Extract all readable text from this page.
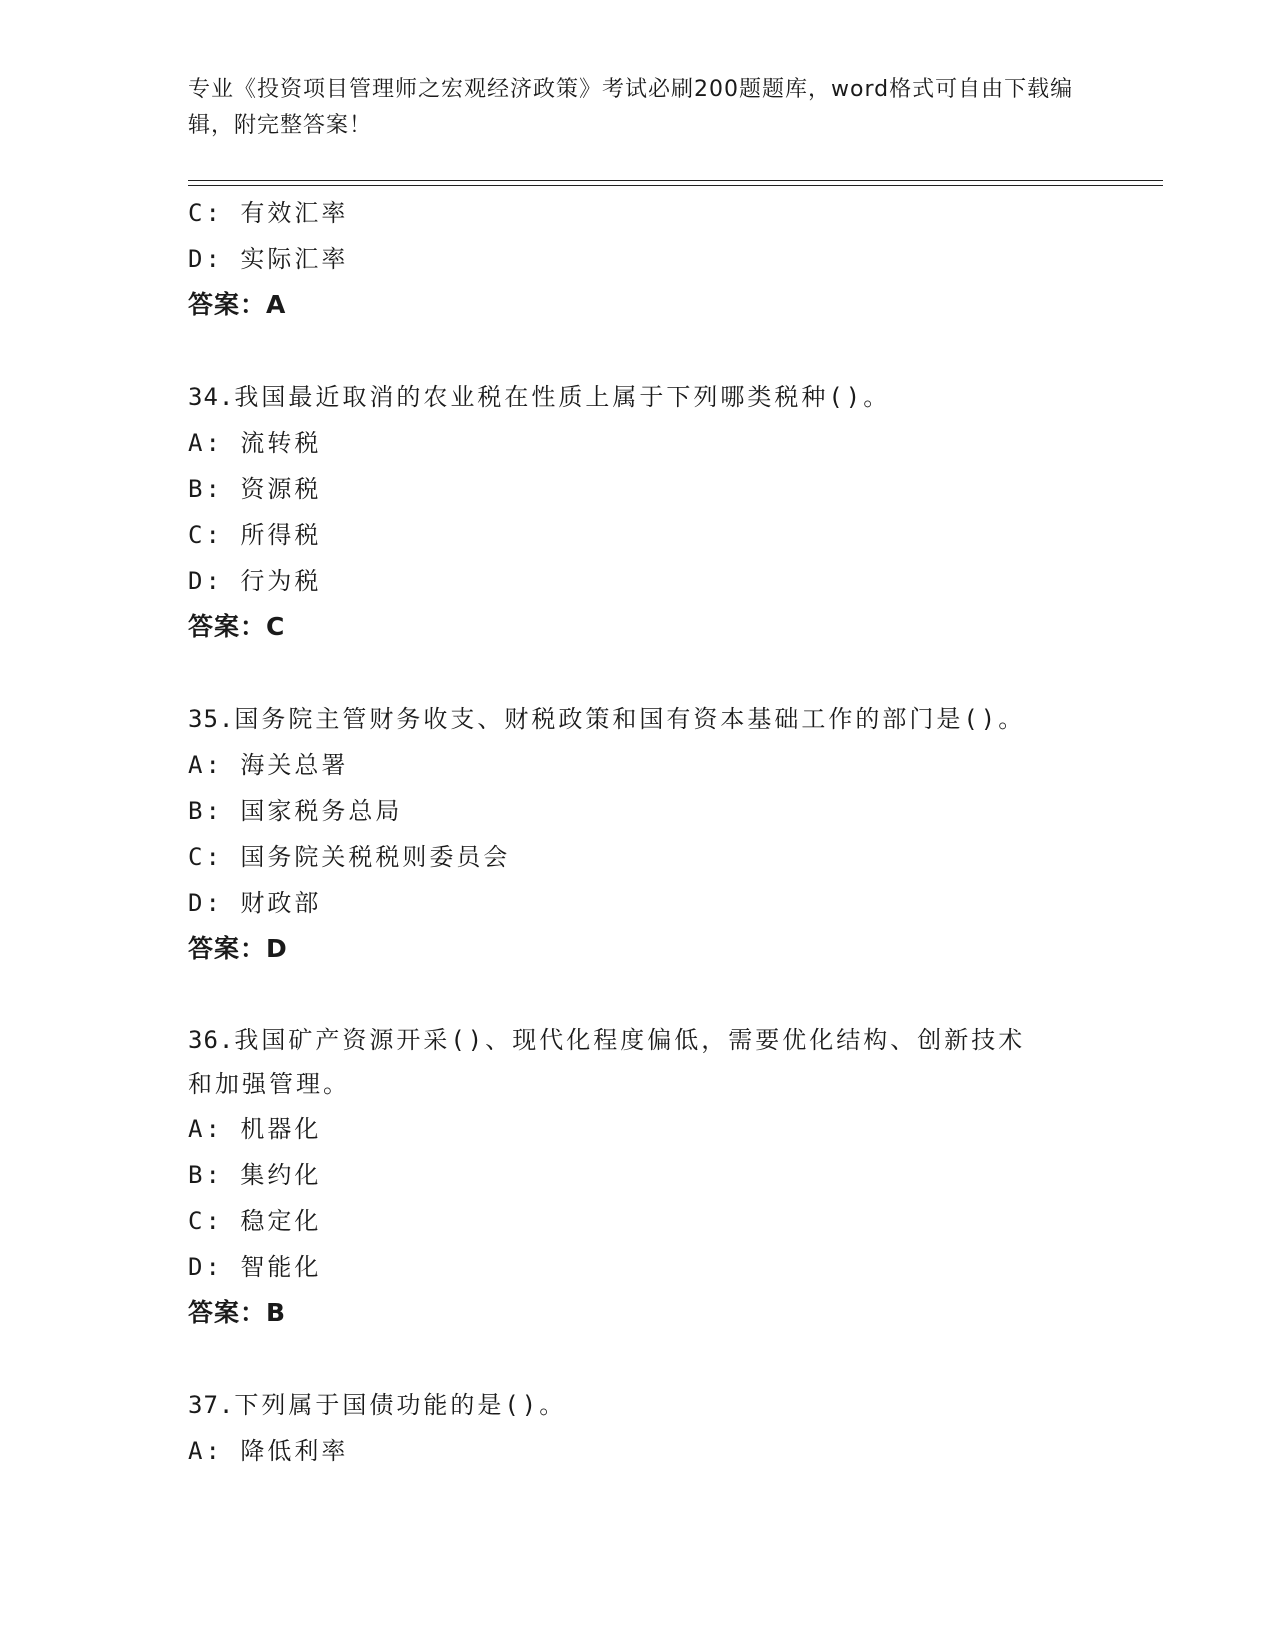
专业《投资项目管理师之宏观经济政策》考试必刷200题题库，word格式可自由下载编辑，附完整答案！
C: 有效汇率
D: 实际汇率
答案：A
34.我国最近取消的农业税在性质上属于下列哪类税种()。
A: 流转税
B: 资源税
C: 所得税
D: 行为税
答案：C
35.国务院主管财务收支、财税政策和国有资本基础工作的部门是()。
A: 海关总署
B: 国家税务总局
C: 国务院关税税则委员会
D: 财政部
答案：D
36.我国矿产资源开采()、现代化程度偏低，需要优化结构、创新技术和加强管理。
A: 机器化
B: 集约化
C: 稳定化
D: 智能化
答案：B
37.下列属于国债功能的是()。
A: 降低利率
